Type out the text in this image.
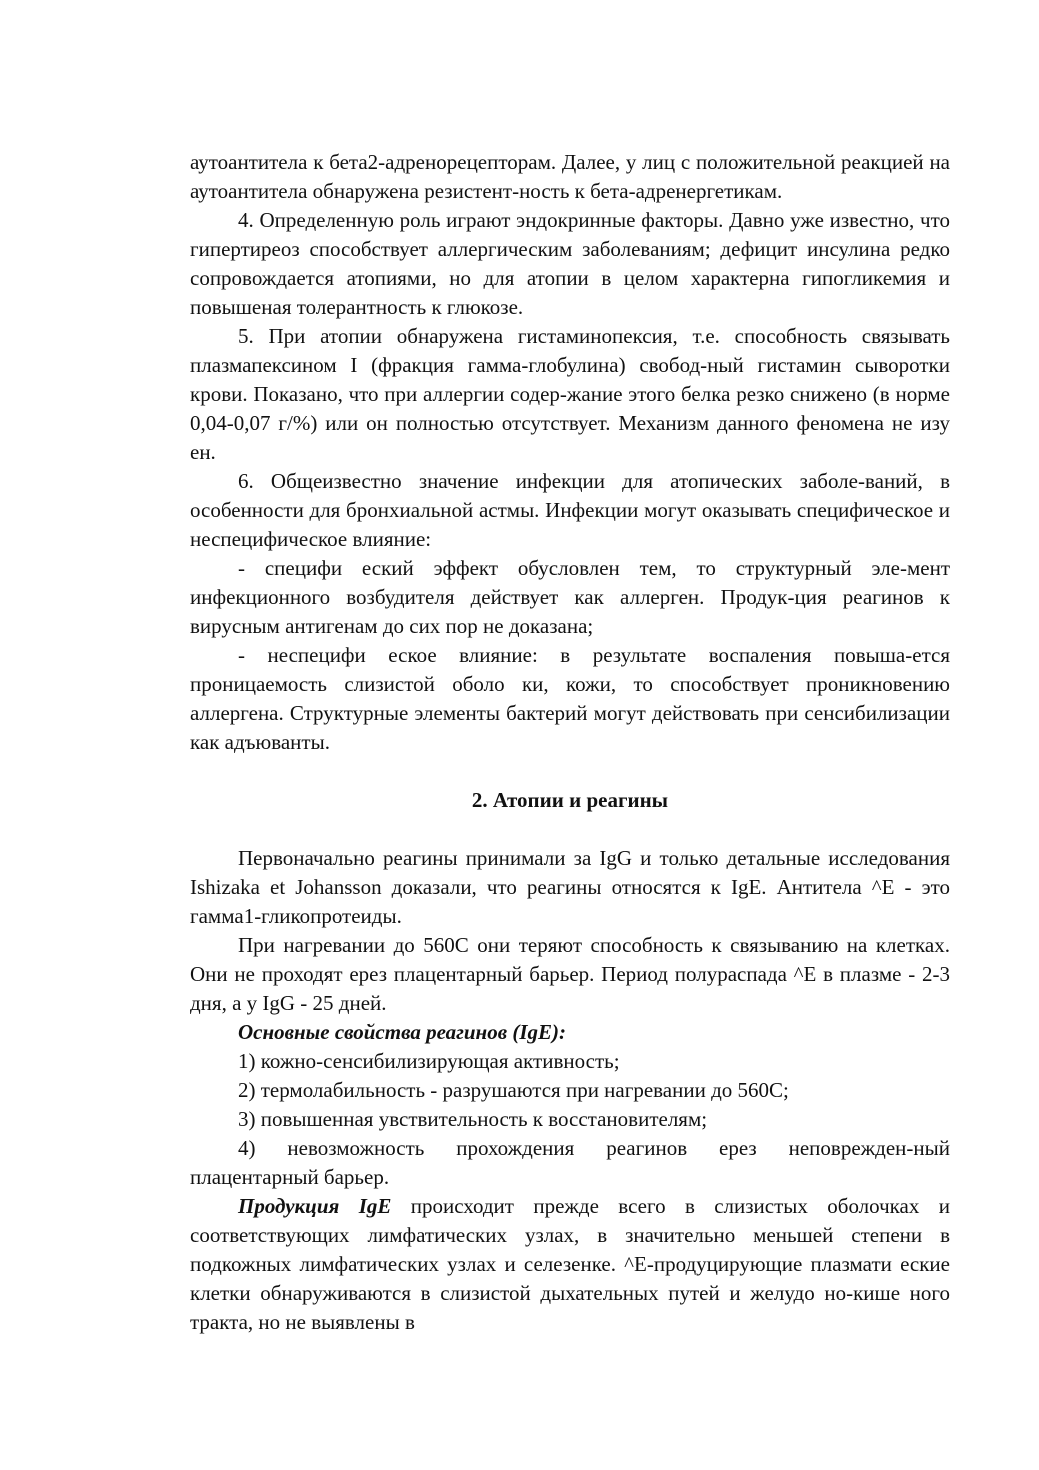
аутоантитела к бета2-адренорецепторам. Далее, у лиц с положительной реакцией на аутоантитела обнаружена резистент-ность к бета-адренергетикам.

4. Определенную роль играют эндокринные факторы. Давно уже известно, что гипертиреоз способствует аллергическим заболеваниям; дефицит инсулина редко сопровождается атопиями, но для атопии в целом характерна гипогликемия и повышеная толерантность к глюкозе.

5. При атопии обнаружена гистаминопексия, т.е. способность связывать плазмапексином I (фракция гамма-глобулина) свобод-ный гистамин сыворотки крови. Показано, что при аллергии содер-жание этого белка резко снижено (в норме 0,04-0,07 г/%) или он полностью отсутствует. Механизм данного феномена не изу ен.

6. Общеизвестно значение инфекции для атопических заболе-ваний, в особенности для бронхиальной астмы. Инфекции могут оказывать специфическое и неспецифическое влияние:

- специфи еский эффект обусловлен тем, то структурный эле-мент инфекционного возбудителя действует как аллерген. Продук-ция реагинов к вирусным антигенам до сих пор не доказана;

- неспецифи еское влияние: в результате воспаления повыша-ется проницаемость слизистой оболо ки, кожи, то способствует проникновению аллергена. Структурные элементы бактерий могут действовать при сенсибилизации как адъюванты.

2. Атопии и реагины

Первоначально реагины принимали за IgG и только детальные исследования Ishizaka et Johansson доказали, что реагины относятся к IgE. Антитела ^E - это гамма1-гликопротеиды.

При нагревании до 560С они теряют способность к связыванию на клетках. Они не проходят ерез плацентарный барьер. Период полураспада ^E в плазме - 2-3 дня, а у IgG - 25 дней.

Основные свойства реагинов (IgE):

1) кожно-сенсибилизирующая активность;

2) термолабильность - разрушаются при нагревании до 560С;

3) повышенная увствительность к восстановителям;

4) невозможность прохождения реагинов ерез неповрежден-ный плацентарный барьер.

Продукция IgE происходит прежде всего в слизистых оболочках и соответствующих лимфатических узлах, в значительно меньшей степени в подкожных лимфатических узлах и селезенке. ^E-продуцирующие плазмати еские клетки обнаруживаются в слизистой дыхательных путей и желудо но-кише ного тракта, но не выявлены в
